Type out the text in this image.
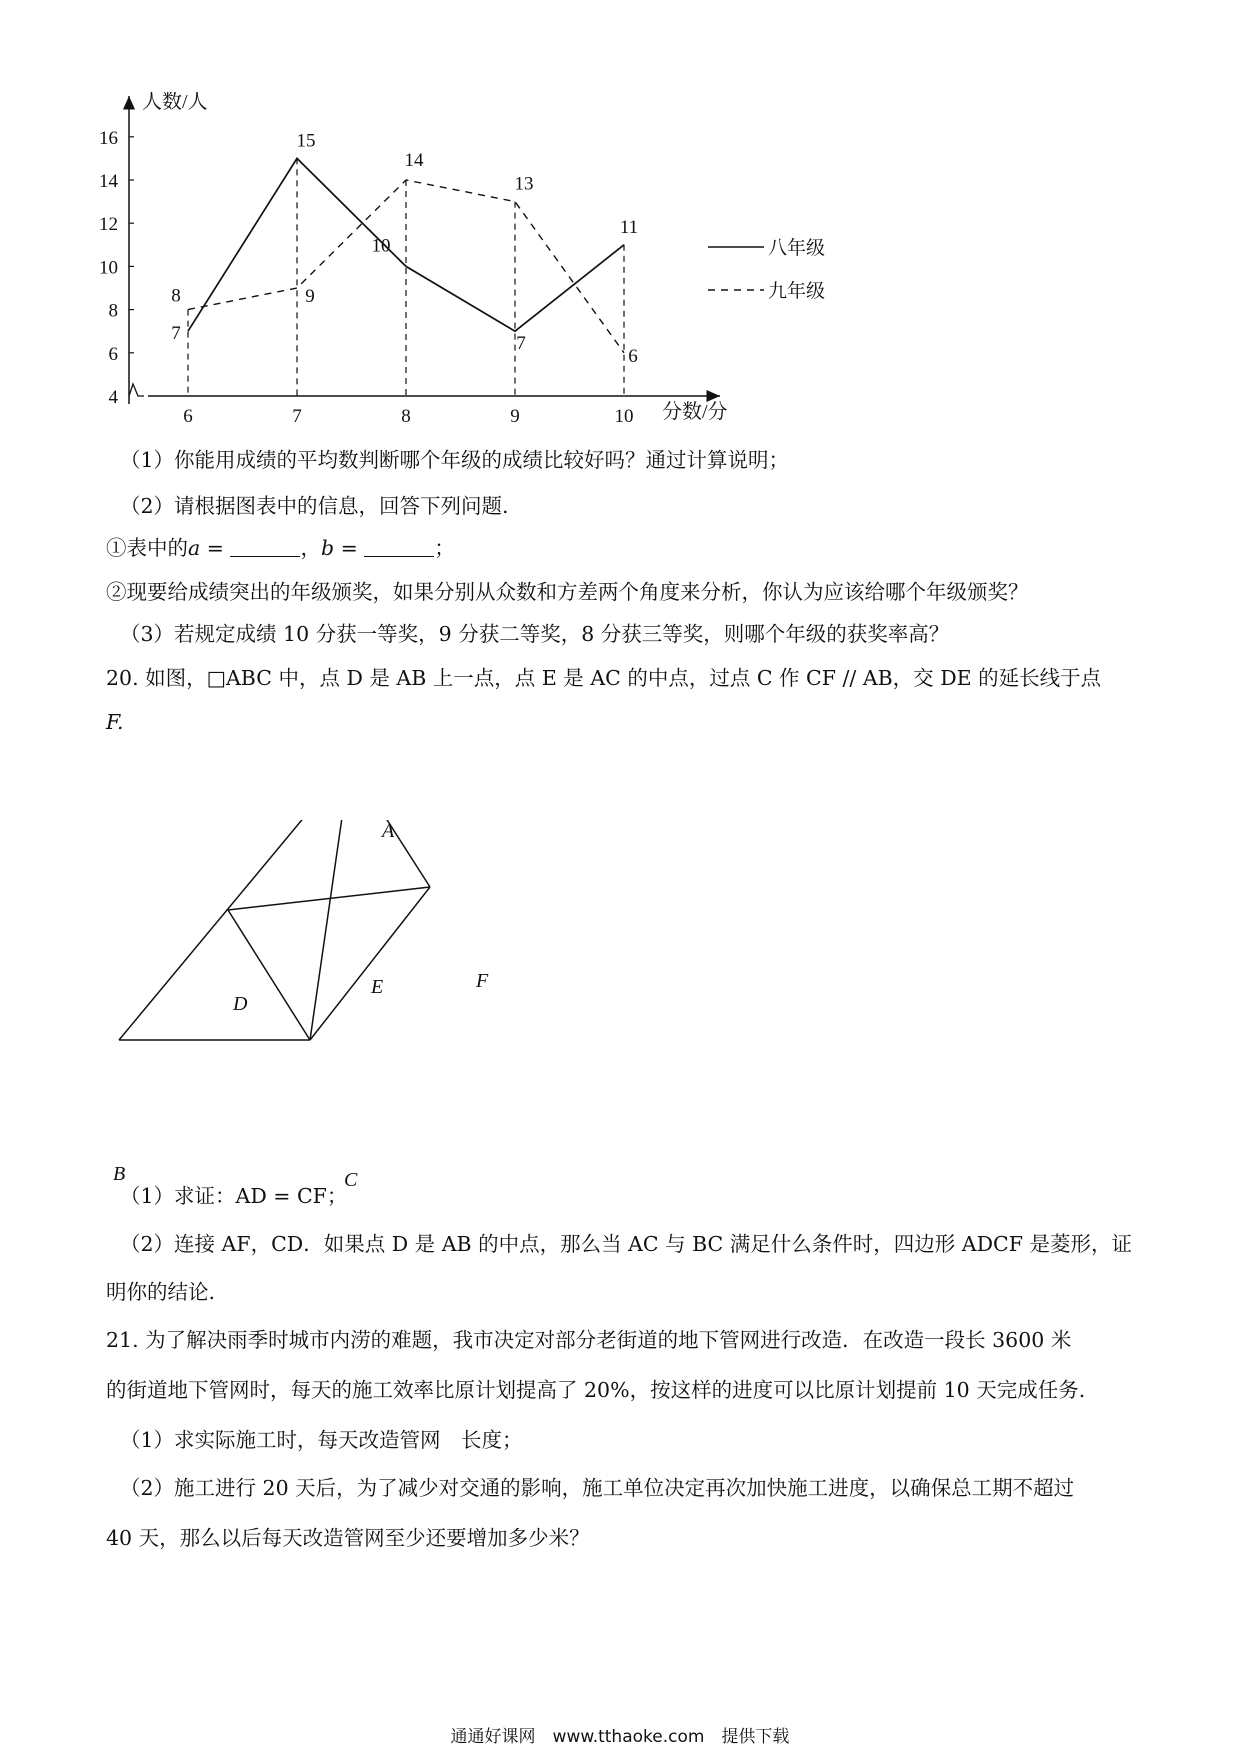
人数/人
分数/分
4
6
8
10
12
14
16
6	7	8	9	10
7
15
10
7
11
8	9
14
13
6
八年级
九年级
（1）你能用成绩的平均数判断哪个年级的成绩比较好吗？通过计算说明；
（2）请根据图表中的信息，回答下列问题.
①表中的a =	，b =	；
②现要给成绩突出的年级颁奖，如果分别从众数和方差两个角度来分析，你认为应该给哪个年级颁奖？
（3）若规定成绩 10 分获一等奖，9 分获二等奖，8 分获三等奖，则哪个年级的获奖率高？
20. 如图，□ABC 中，点 D 是 AB 上一点，点 E 是 AC 的中点，过点 C 作 CF // AB，交 DE 的延长线于点
F.
A
B	C
D
E	F
（1）求证：AD = CF；
（2）连接 AF，CD．如果点 D 是 AB 的中点，那么当 AC 与 BC 满足什么条件时，四边形 ADCF 是菱形，证
明你的结论.
21. 为了解决雨季时城市内涝的难题，我市决定对部分老街道的地下管网进行改造．在改造一段长 3600 米
的街道地下管网时，每天的施工效率比原计划提高了 20%，按这样的进度可以比原计划提前 10 天完成任务.
（1）求实际施工时，每天改造管网　长度；
（2）施工进行 20 天后，为了减少对交通的影响，施工单位决定再次加快施工进度，以确保总工期不超过
40 天，那么以后每天改造管网至少还要增加多少米？
通通好课网　www.tthaoke.com　提供下载
